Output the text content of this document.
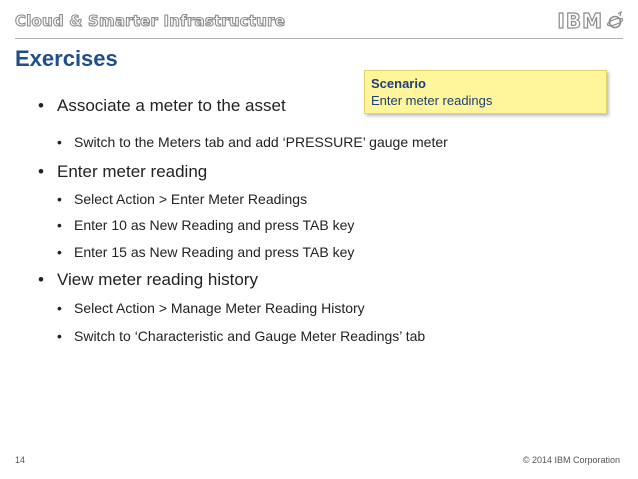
Cloud & Smarter Infrastructure	IBM
Exercises
Scenario
Enter meter readings
• Associate a meter to the asset
• Switch to the Meters tab and add ‘PRESSURE’ gauge meter
• Enter meter reading
• Select Action > Enter Meter Readings
• Enter 10 as New Reading and press TAB key
• Enter 15 as New Reading and press TAB key
• View meter reading history
• Select Action > Manage Meter Reading History
• Switch to ‘Characteristic and Gauge Meter Readings’ tab
14	© 2014 IBM Corporation
